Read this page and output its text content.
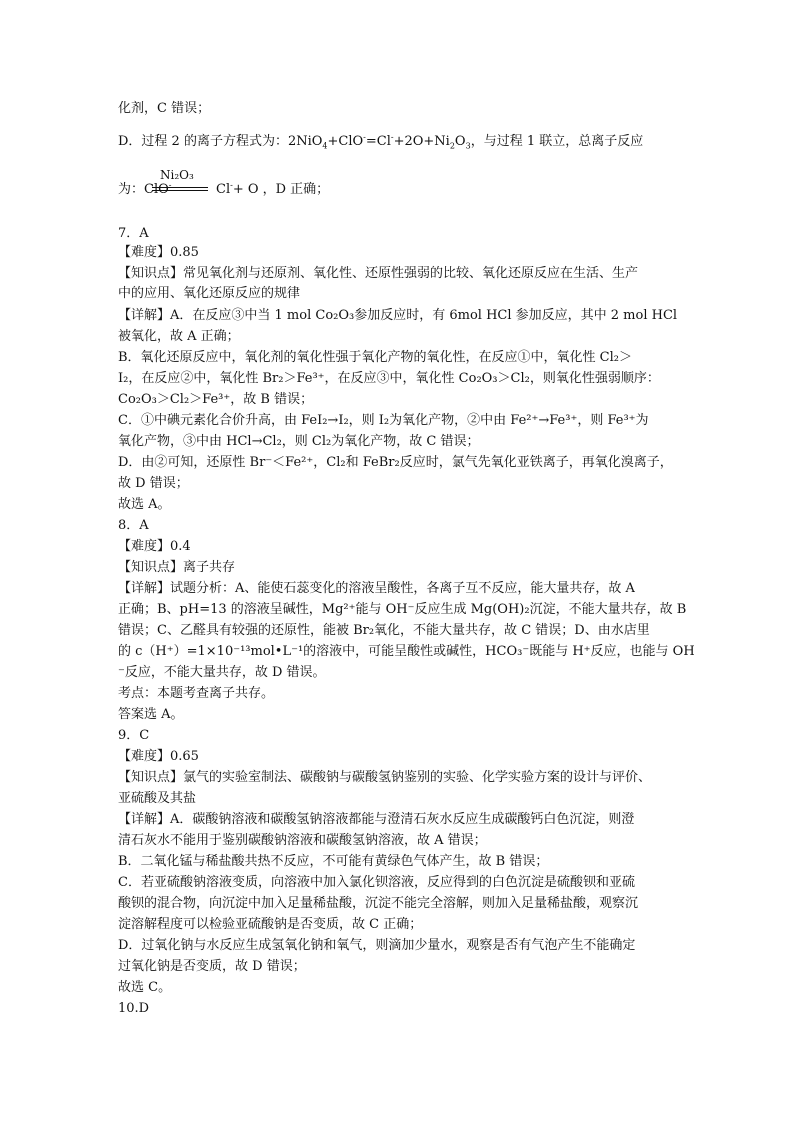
化剂，C 错误；
D．过程 2 的离子方程式为：$2NiO_4+ClO^-=Cl^-+2O+Ni_2O_3$，与过程 1 联立，总离子反应
Ni₂O₃
为：ClO-	Cl-+ O ，D 正确；
7．A
【难度】0.85
【知识点】常见氧化剂与还原剂、氧化性、还原性强弱的比较、氧化还原反应在生活、生产
中的应用、氧化还原反应的规律
【详解】A．在反应③中当 1 mol Co₂O₃参加反应时，有 6mol HCl 参加反应，其中 2 mol HCl
被氧化，故 A 正确；
B．氧化还原反应中，氧化剂的氧化性强于氧化产物的氧化性，在反应①中，氧化性 Cl₂＞
I₂，在反应②中，氧化性 Br₂＞Fe³⁺，在反应③中，氧化性 Co₂O₃＞Cl₂，则氧化性强弱顺序：
Co₂O₃＞Cl₂＞Fe³⁺，故 B 错误；
C．①中碘元素化合价升高，由 FeI₂→I₂，则 I₂为氧化产物，②中由 Fe²⁺→Fe³⁺，则 Fe³⁺为
氧化产物，③中由 HCl→Cl₂，则 Cl₂为氧化产物，故 C 错误；
D．由②可知，还原性 Br⁻＜Fe²⁺，Cl₂和 FeBr₂反应时，氯气先氧化亚铁离子，再氧化溴离子，
故 D 错误；
故选 A。
8．A
【难度】0.4
【知识点】离子共存
【详解】试题分析：A、能使石蕊变化的溶液呈酸性，各离子互不反应，能大量共存，故 A
正确；B、pH=13 的溶液呈碱性，Mg²⁺能与 OH⁻反应生成 Mg(OH)₂沉淀，不能大量共存，故 B
错误；C、乙醛具有较强的还原性，能被 Br₂氧化，不能大量共存，故 C 错误；D、由水店里
的 c（H⁺）=1×10⁻¹³mol•L⁻¹的溶液中，可能呈酸性或碱性，HCO₃⁻既能与 H⁺反应，也能与 OH
⁻反应，不能大量共存，故 D 错误。
考点：本题考查离子共存。
答案选 A。
9．C
【难度】0.65
【知识点】氯气的实验室制法、碳酸钠与碳酸氢钠鉴别的实验、化学实验方案的设计与评价、
亚硫酸及其盐
【详解】A．碳酸钠溶液和碳酸氢钠溶液都能与澄清石灰水反应生成碳酸钙白色沉淀，则澄
清石灰水不能用于鉴别碳酸钠溶液和碳酸氢钠溶液，故 A 错误；
B．二氧化锰与稀盐酸共热不反应，不可能有黄绿色气体产生，故 B 错误；
C．若亚硫酸钠溶液变质，向溶液中加入氯化钡溶液，反应得到的白色沉淀是硫酸钡和亚硫
酸钡的混合物，向沉淀中加入足量稀盐酸，沉淀不能完全溶解，则加入足量稀盐酸，观察沉
淀溶解程度可以检验亚硫酸钠是否变质，故 C 正确；
D．过氧化钠与水反应生成氢氧化钠和氧气，则滴加少量水，观察是否有气泡产生不能确定
过氧化钠是否变质，故 D 错误；
故选 C。
10.D
